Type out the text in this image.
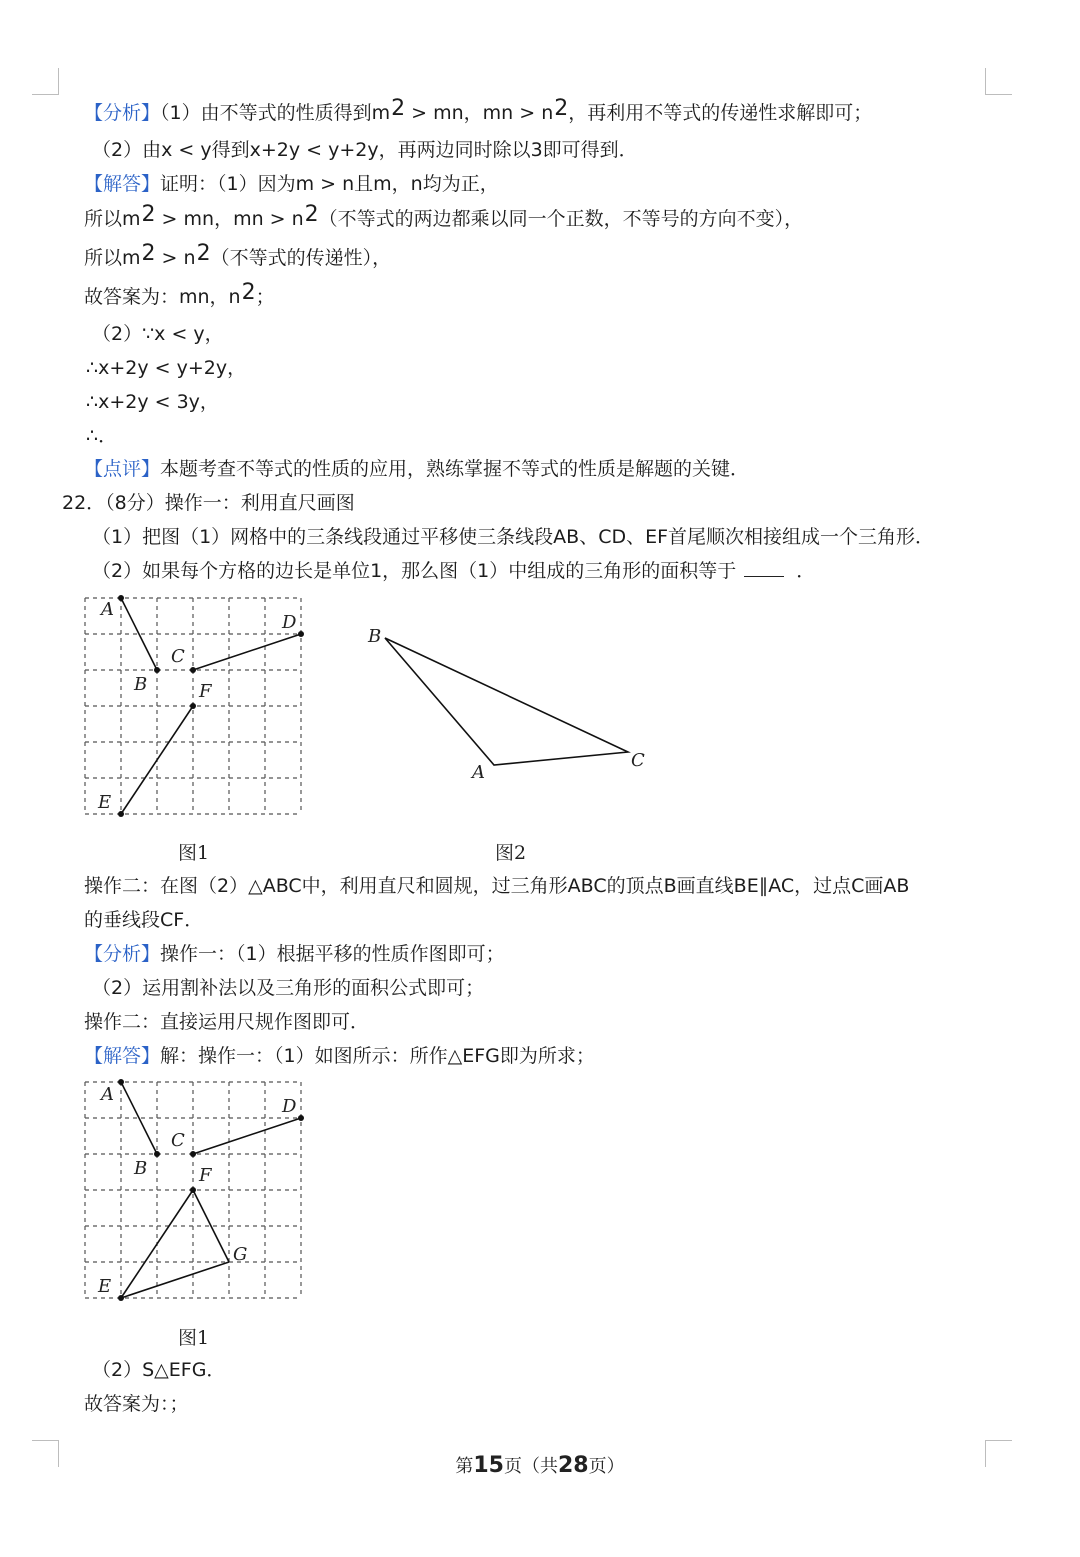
【分析】（1）由不等式的性质得到$m^2$ > mn，mn > $n^2$，再利用不等式的传递性求解即可；
（2）由x < y得到x+2y < y+2y，再两边同时除以3即可得到．
【解答】证明：（1）因为m > n且m，n均为正，
所以$m^2$ > mn，mn > $n^2$（不等式的两边都乘以同一个正数，不等号的方向不变），
所以$m^2 > n^2$（不等式的传递性），
故答案为：mn，$n^2$；
（2）∵x < y，
∴x+2y < y+2y，
∴x+2y < 3y，
∴．
【点评】本题考查不等式的性质的应用，熟练掌握不等式的性质是解题的关键．
22．（8分）操作一：利用直尺画图
（1）把图（1）网格中的三条线段通过平移使三条线段AB、CD、EF首尾顺次相接组成一个三角形．
（2）如果每个方格的边长是单位1，那么图（1）中组成的三角形的面积等于	．
A
B
C
D
E
F
图1
B
A
C
图2
操作二：在图（2）△ABC中，利用直尺和圆规，过三角形ABC的顶点B画直线BE∥AC，过点C画AB
的垂线段CF．
【分析】操作一：（1）根据平移的性质作图即可；
（2）运用割补法以及三角形的面积公式即可；
操作二：直接运用尺规作图即可．
【解答】解：操作一：（1）如图所示：所作△EFG即为所求；
A
B
C
D
E
F
G
图1
（2）S△EFG．
故答案为：；
第15页（共28页）
